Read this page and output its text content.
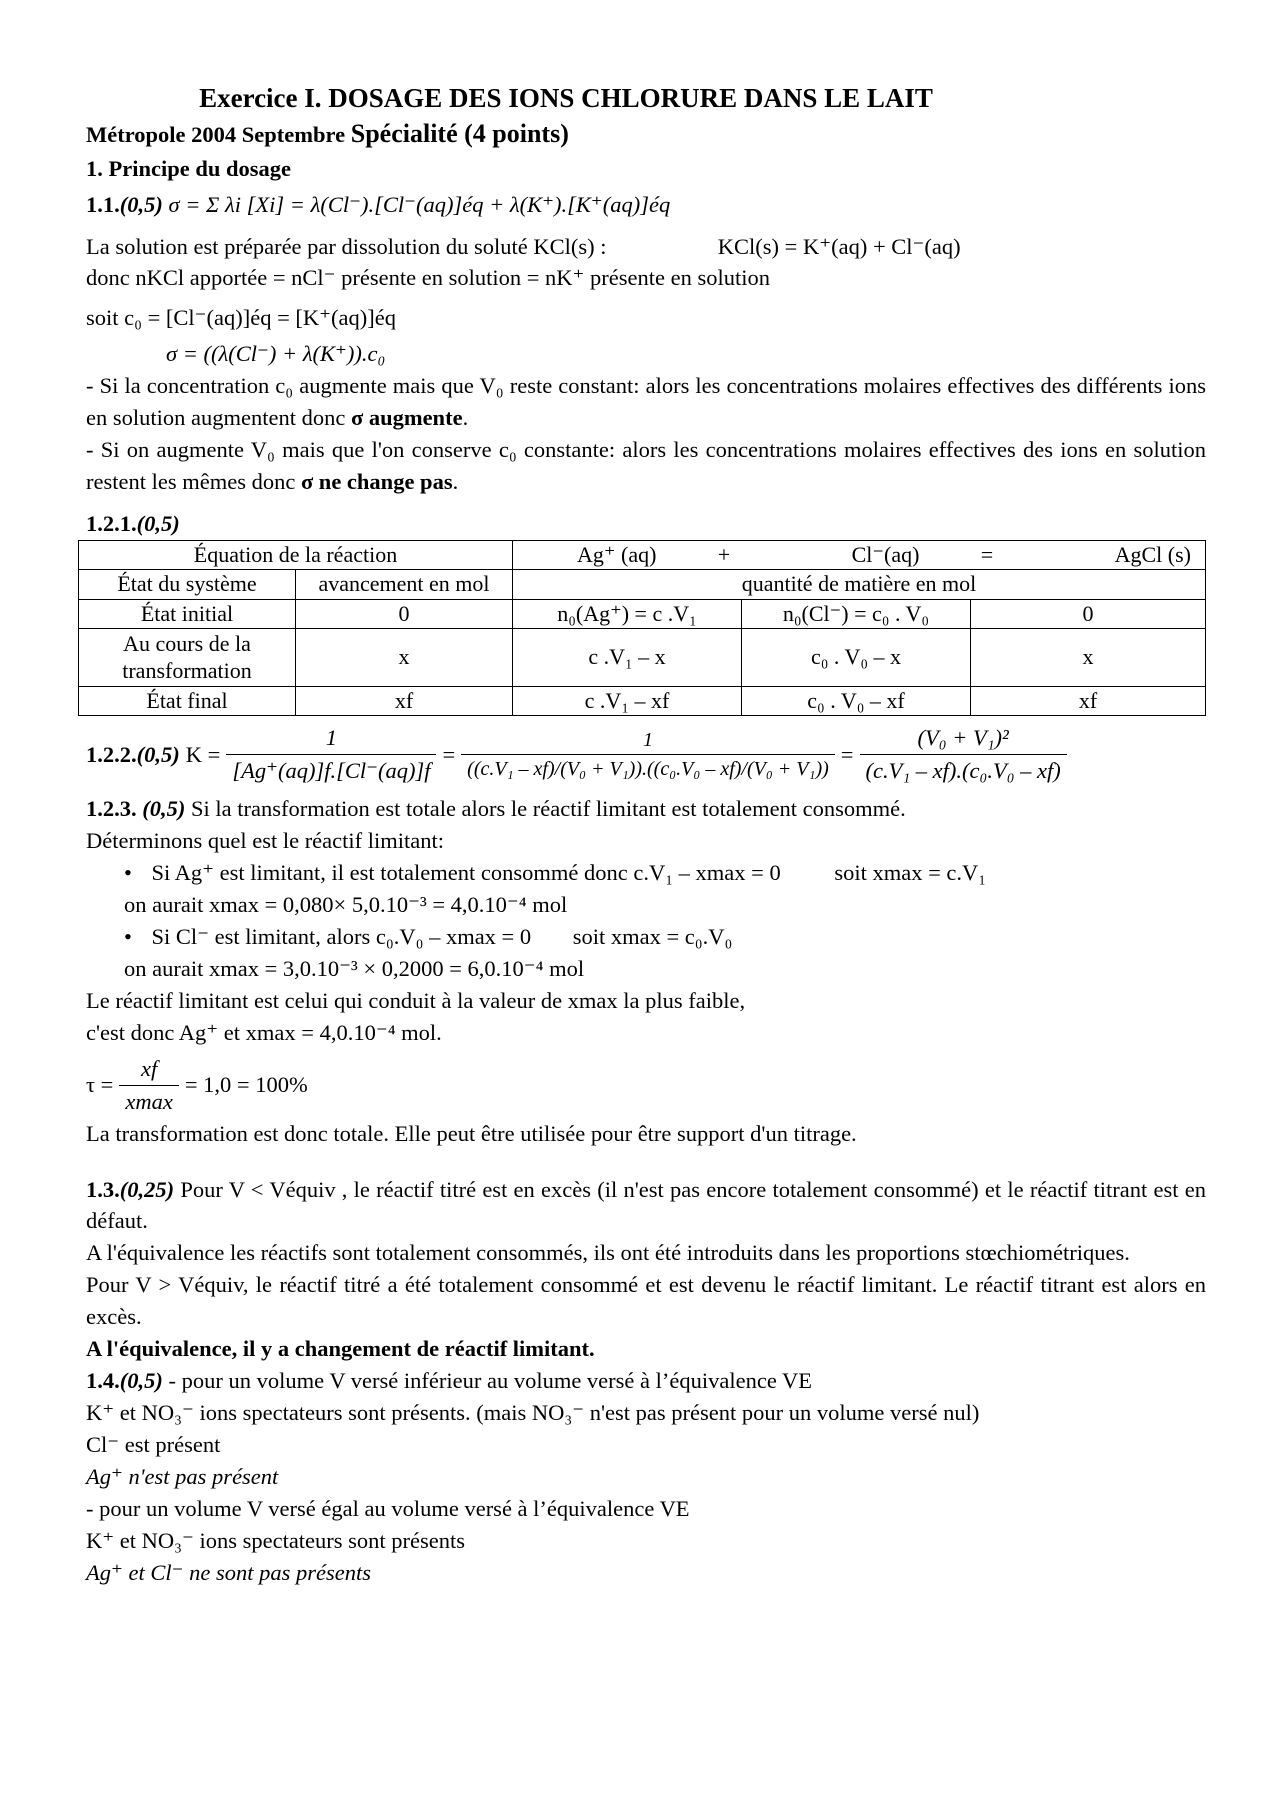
Exercice I. DOSAGE DES IONS CHLORURE DANS LE LAIT

Métropole 2004 Septembre Spécialité (4 points)

1. Principe du dosage

1.1.(0,5) σ = Σ λi [Xi] = λ(Cl⁻).[Cl⁻(aq)]éq + λ(K⁺).[K⁺(aq)]éq

La solution est préparée par dissolution du soluté KCl(s) :	KCl(s) = K⁺(aq) + Cl⁻(aq)

donc nKCl apportée = nCl⁻ présente en solution = nK⁺ présente en solution

soit c₀ = [Cl⁻(aq)]éq = [K⁺(aq)]éq

σ = ((λ(Cl⁻) + λ(K⁺)).c₀

- Si la concentration c₀ augmente mais que V₀ reste constant: alors les concentrations molaires effectives des différents ions en solution augmentent donc σ augmente.

- Si on augmente V₀ mais que l'on conserve c₀ constante: alors les concentrations molaires effectives des ions en solution restent les mêmes donc σ ne change pas.

1.2.1.(0,5)

Équation de la réaction		Ag⁺ (aq) + Cl⁻(aq) = AgCl (s)		

État du système	avancement en mol	quantité de matière en mol		
État initial	0	n₀(Ag⁺) = c .V₁	n₀(Cl⁻) = c₀ . V₀	0
Au cours de la transformation	x	c .V₁ – x	c₀ . V₀ – x	x
État final	xf	c .V₁ – xf	c₀ . V₀ – xf	xf
1.2.2. (0,5) $K = \frac{1}{[Ag^+(aq)]f.[Cl^-(aq)]f} = \frac{1}{\text{((c.V₁ – xf)/(V₀ + V₁)).((c₀.V₀ – xf)/(V₀ + V₁))}} = \frac{\text{(V₀ + V₁)²}}{\text{(c.V₁ – xf).(c₀.V₀ – xf)}}$

1.2.3. (0,5) Si la transformation est totale alors le réactif limitant est totalement consommé.

Déterminons quel est le réactif limitant:

• Si Ag⁺ est limitant, il est totalement consommé donc c.V₁ – xmax = 0 soit xmax = c.V₁

on aurait xmax = 0,080× 5,0.10⁻³ = 4,0.10⁻⁴ mol

• Si Cl⁻ est limitant, alors c₀.V₀ – xmax = 0 soit xmax = c₀.V₀

on aurait xmax = 3,0.10⁻³ × 0,2000 = 6,0.10⁻⁴ mol

Le réactif limitant est celui qui conduit à la valeur de xmax la plus faible,

c'est donc Ag⁺ et xmax = 4,0.10⁻⁴ mol.

$\tau = \frac{xf}{xmax} = 1,0 = 100\%$

La transformation est donc totale. Elle peut être utilisée pour être support d'un titrage.

1.3.(0,25) Pour V < Véquiv , le réactif titré est en excès (il n'est pas encore totalement consommé) et le réactif titrant est en défaut.

A l'équivalence les réactifs sont totalement consommés, ils ont été introduits dans les proportions stœchiométriques.

Pour V > Véquiv, le réactif titré a été totalement consommé et est devenu le réactif limitant. Le réactif titrant est alors en excès.

A l'équivalence, il y a changement de réactif limitant.

1.4.(0,5) - pour un volume V versé inférieur au volume versé à l’équivalence VE

K⁺ et NO₃⁻ ions spectateurs sont présents. (mais NO₃⁻ n'est pas présent pour un volume versé nul)

Cl⁻ est présent

Ag⁺ n'est pas présent

- pour un volume V versé égal au volume versé à l’équivalence VE

K⁺ et NO₃⁻ ions spectateurs sont présents

Ag⁺ et Cl⁻ ne sont pas présents
